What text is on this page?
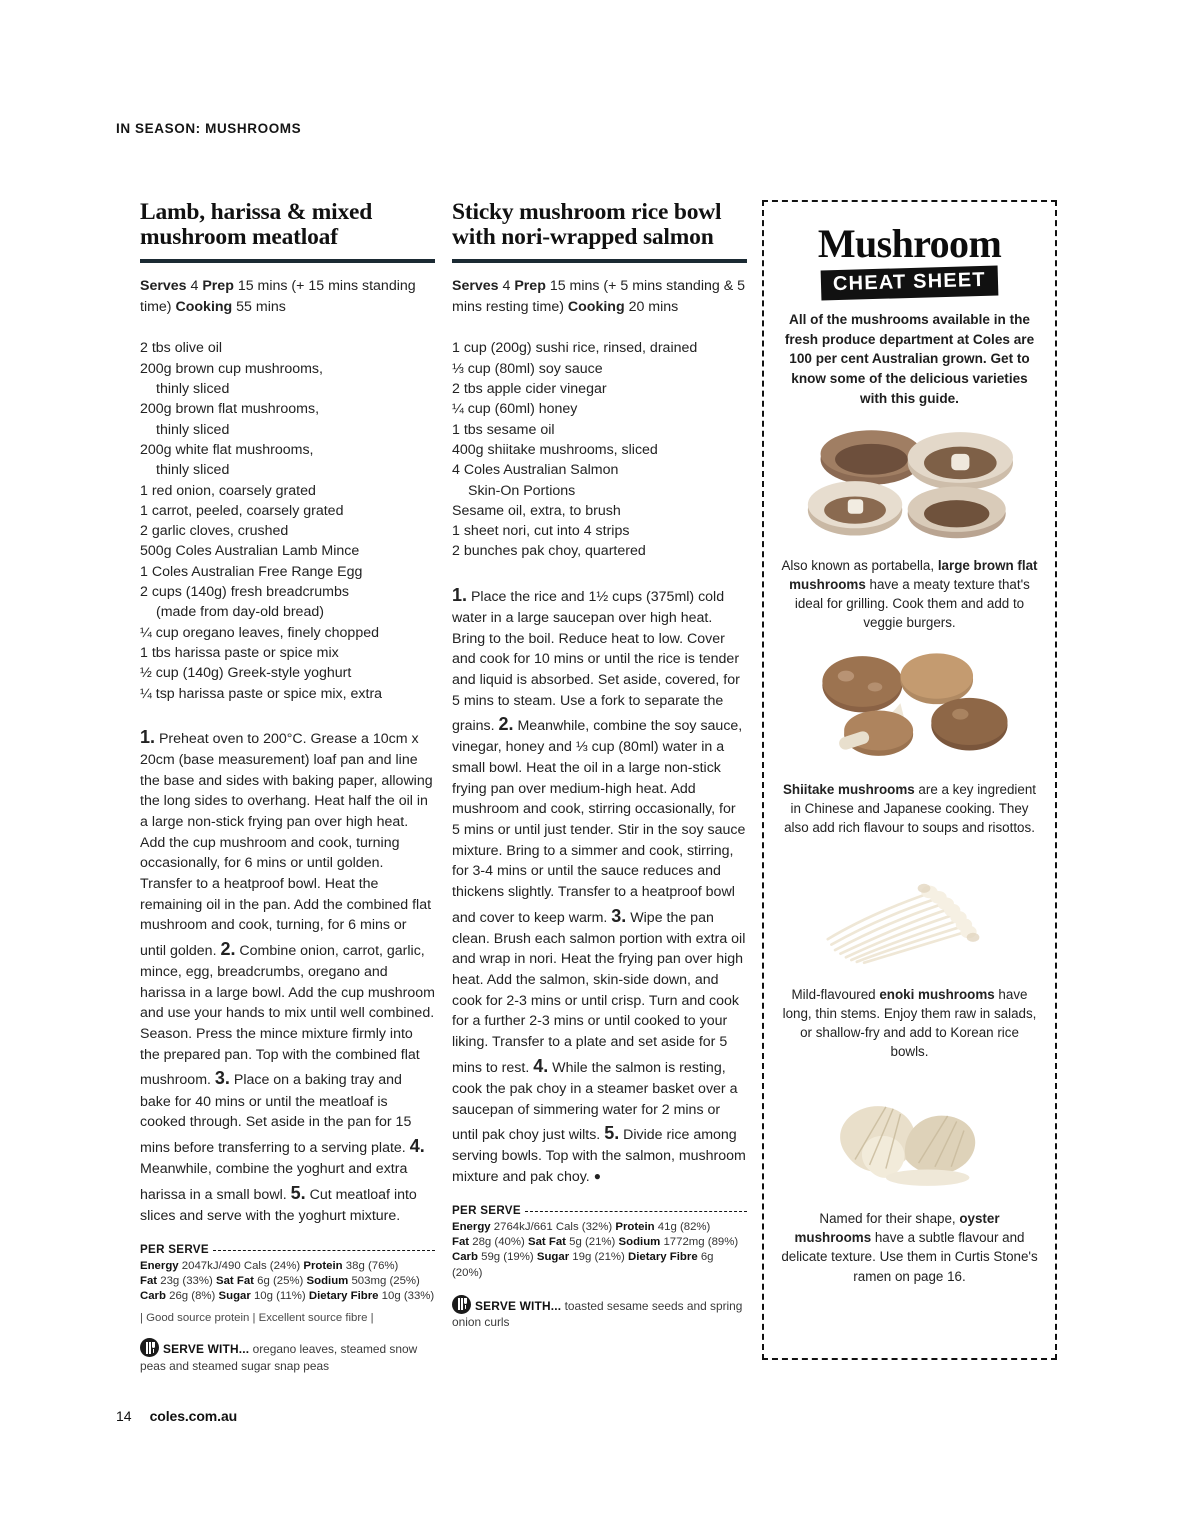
IN SEASON: MUSHROOMS
Lamb, harissa & mixed mushroom meatloaf
Serves 4 Prep 15 mins (+ 15 mins standing time) Cooking 55 mins
2 tbs olive oil
200g brown cup mushrooms,
thinly sliced
200g brown flat mushrooms,
thinly sliced
200g white flat mushrooms,
thinly sliced
1 red onion, coarsely grated
1 carrot, peeled, coarsely grated
2 garlic cloves, crushed
500g Coles Australian Lamb Mince
1 Coles Australian Free Range Egg
2 cups (140g) fresh breadcrumbs
(made from day-old bread)
¼ cup oregano leaves, finely chopped
1 tbs harissa paste or spice mix
½ cup (140g) Greek-style yoghurt
¼ tsp harissa paste or spice mix, extra
1. Preheat oven to 200°C. Grease a 10cm x 20cm (base measurement) loaf pan and line the base and sides with baking paper, allowing the long sides to overhang. Heat half the oil in a large non-stick frying pan over high heat. Add the cup mushroom and cook, turning occasionally, for 6 mins or until golden. Transfer to a heatproof bowl. Heat the remaining oil in the pan. Add the combined flat mushroom and cook, turning, for 6 mins or until golden. 2. Combine onion, carrot, garlic, mince, egg, breadcrumbs, oregano and harissa in a large bowl. Add the cup mushroom and use your hands to mix until well combined. Season. Press the mince mixture firmly into the prepared pan. Top with the combined flat mushroom. 3. Place on a baking tray and bake for 40 mins or until the meatloaf is cooked through. Set aside in the pan for 15 mins before transferring to a serving plate. 4. Meanwhile, combine the yoghurt and extra harissa in a small bowl. 5. Cut meatloaf into slices and serve with the yoghurt mixture.
PER SERVE
Energy 2047kJ/490 Cals (24%) Protein 38g (76%)
Fat 23g (33%) Sat Fat 6g (25%) Sodium 503mg (25%)
Carb 26g (8%) Sugar 10g (11%) Dietary Fibre 10g (33%)
| Good source protein | Excellent source fibre |
SERVE WITH... oregano leaves, steamed snow peas and steamed sugar snap peas
Sticky mushroom rice bowl with nori-wrapped salmon
Serves 4 Prep 15 mins (+ 5 mins standing & 5 mins resting time) Cooking 20 mins
1 cup (200g) sushi rice, rinsed, drained
⅓ cup (80ml) soy sauce
2 tbs apple cider vinegar
¼ cup (60ml) honey
1 tbs sesame oil
400g shiitake mushrooms, sliced
4 Coles Australian Salmon
Skin-On Portions
Sesame oil, extra, to brush
1 sheet nori, cut into 4 strips
2 bunches pak choy, quartered
1. Place the rice and 1½ cups (375ml) cold water in a large saucepan over high heat. Bring to the boil. Reduce heat to low. Cover and cook for 10 mins or until the rice is tender and liquid is absorbed. Set aside, covered, for 5 mins to steam. Use a fork to separate the grains. 2. Meanwhile, combine the soy sauce, vinegar, honey and ⅓ cup (80ml) water in a small bowl. Heat the oil in a large non-stick frying pan over medium-high heat. Add mushroom and cook, stirring occasionally, for 5 mins or until just tender. Stir in the soy sauce mixture. Bring to a simmer and cook, stirring, for 3-4 mins or until the sauce reduces and thickens slightly. Transfer to a heatproof bowl and cover to keep warm. 3. Wipe the pan clean. Brush each salmon portion with extra oil and wrap in nori. Heat the frying pan over high heat. Add the salmon, skin-side down, and cook for 2-3 mins or until crisp. Turn and cook for a further 2-3 mins or until cooked to your liking. Transfer to a plate and set aside for 5 mins to rest. 4. While the salmon is resting, cook the pak choy in a steamer basket over a saucepan of simmering water for 2 mins or until pak choy just wilts. 5. Divide rice among serving bowls. Top with the salmon, mushroom mixture and pak choy. ●
PER SERVE
Energy 2764kJ/661 Cals (32%) Protein 41g (82%)
Fat 28g (40%) Sat Fat 5g (21%) Sodium 1772mg (89%)
Carb 59g (19%) Sugar 19g (21%) Dietary Fibre 6g (20%)
SERVE WITH... toasted sesame seeds and spring onion curls
Mushroom
CHEAT SHEET
All of the mushrooms available in the fresh produce department at Coles are 100 per cent Australian grown. Get to know some of the delicious varieties with this guide.
Also known as portabella, large brown flat mushrooms have a meaty texture that's ideal for grilling. Cook them and add to veggie burgers.
Shiitake mushrooms are a key ingredient in Chinese and Japanese cooking. They also add rich flavour to soups and risottos.
Mild-flavoured enoki mushrooms have long, thin stems. Enjoy them raw in salads, or shallow-fry and add to Korean rice bowls.
Named for their shape, oyster mushrooms have a subtle flavour and delicate texture. Use them in Curtis Stone's ramen on page 16.
14 coles.com.au
